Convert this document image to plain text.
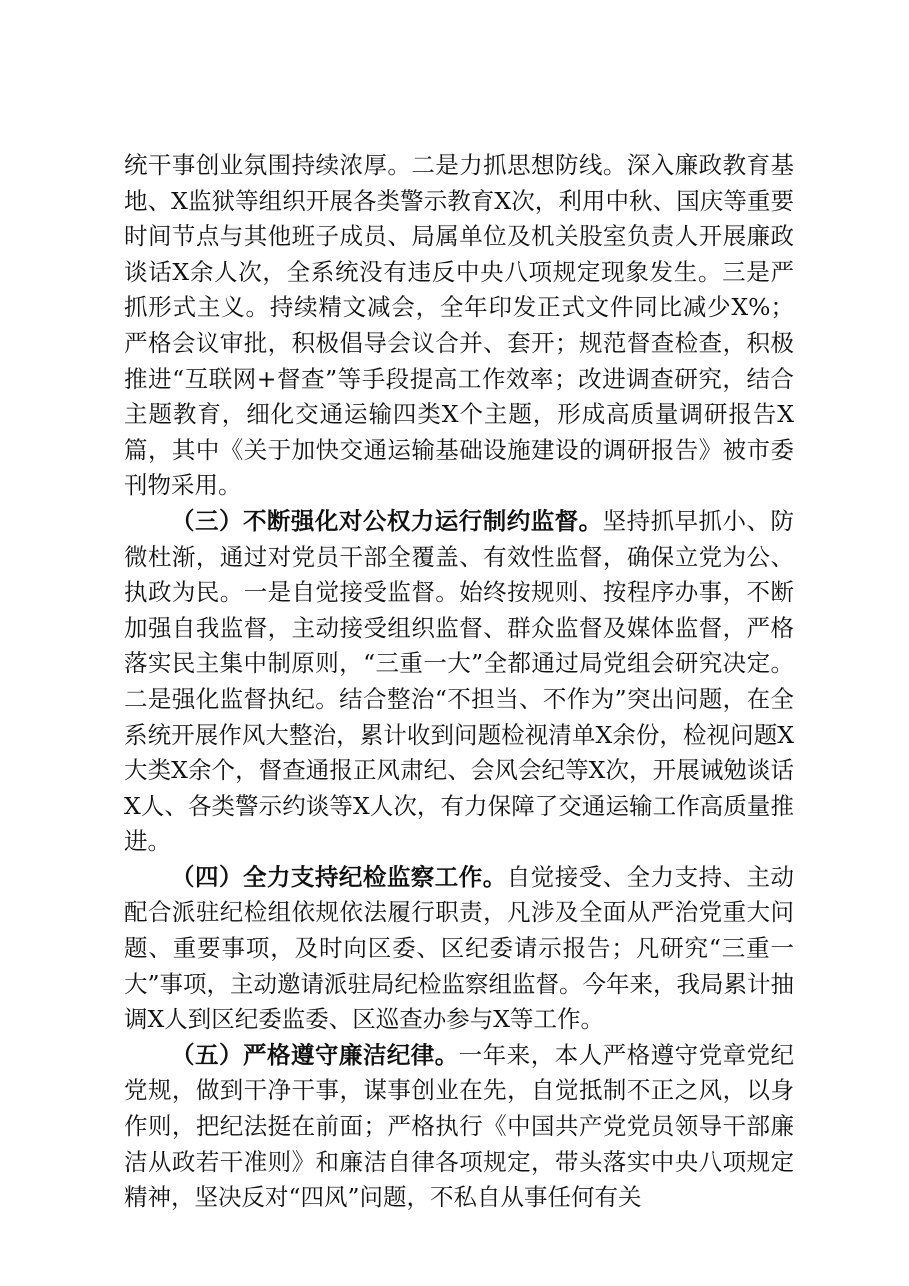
统干事创业氛围持续浓厚。二是力抓思想防线。深入廉政教育基地、X监狱等组织开展各类警示教育X次，利用中秋、国庆等重要时间节点与其他班子成员、局属单位及机关股室负责人开展廉政谈话X余人次，全系统没有违反中央八项规定现象发生。三是严抓形式主义。持续精文减会，全年印发正式文件同比减少X%；严格会议审批，积极倡导会议合并、套开；规范督查检查，积极推进“互联网+督查”等手段提高工作效率；改进调查研究，结合主题教育，细化交通运输四类X个主题，形成高质量调研报告X篇，其中《关于加快交通运输基础设施建设的调研报告》被市委刊物采用。

（三）不断强化对公权力运行制约监督。坚持抓早抓小、防微杜渐，通过对党员干部全覆盖、有效性监督，确保立党为公、执政为民。一是自觉接受监督。始终按规则、按程序办事，不断加强自我监督，主动接受组织监督、群众监督及媒体监督，严格落实民主集中制原则，“三重一大”全都通过局党组会研究决定。二是强化监督执纪。结合整治“不担当、不作为”突出问题，在全系统开展作风大整治，累计收到问题检视清单X余份，检视问题X大类X余个，督查通报正风肃纪、会风会纪等X次，开展诫勉谈话X人、各类警示约谈等X人次，有力保障了交通运输工作高质量推进。

（四）全力支持纪检监察工作。自觉接受、全力支持、主动配合派驻纪检组依规依法履行职责，凡涉及全面从严治党重大问题、重要事项，及时向区委、区纪委请示报告；凡研究“三重一大”事项，主动邀请派驻局纪检监察组监督。今年来，我局累计抽调X人到区纪委监委、区巡查办参与X等工作。

（五）严格遵守廉洁纪律。一年来，本人严格遵守党章党纪党规，做到干净干事，谋事创业在先，自觉抵制不正之风，以身作则，把纪法挺在前面；严格执行《中国共产党党员领导干部廉洁从政若干准则》和廉洁自律各项规定，带头落实中央八项规定精神，坚决反对“四风”问题，不私自从事任何有关
